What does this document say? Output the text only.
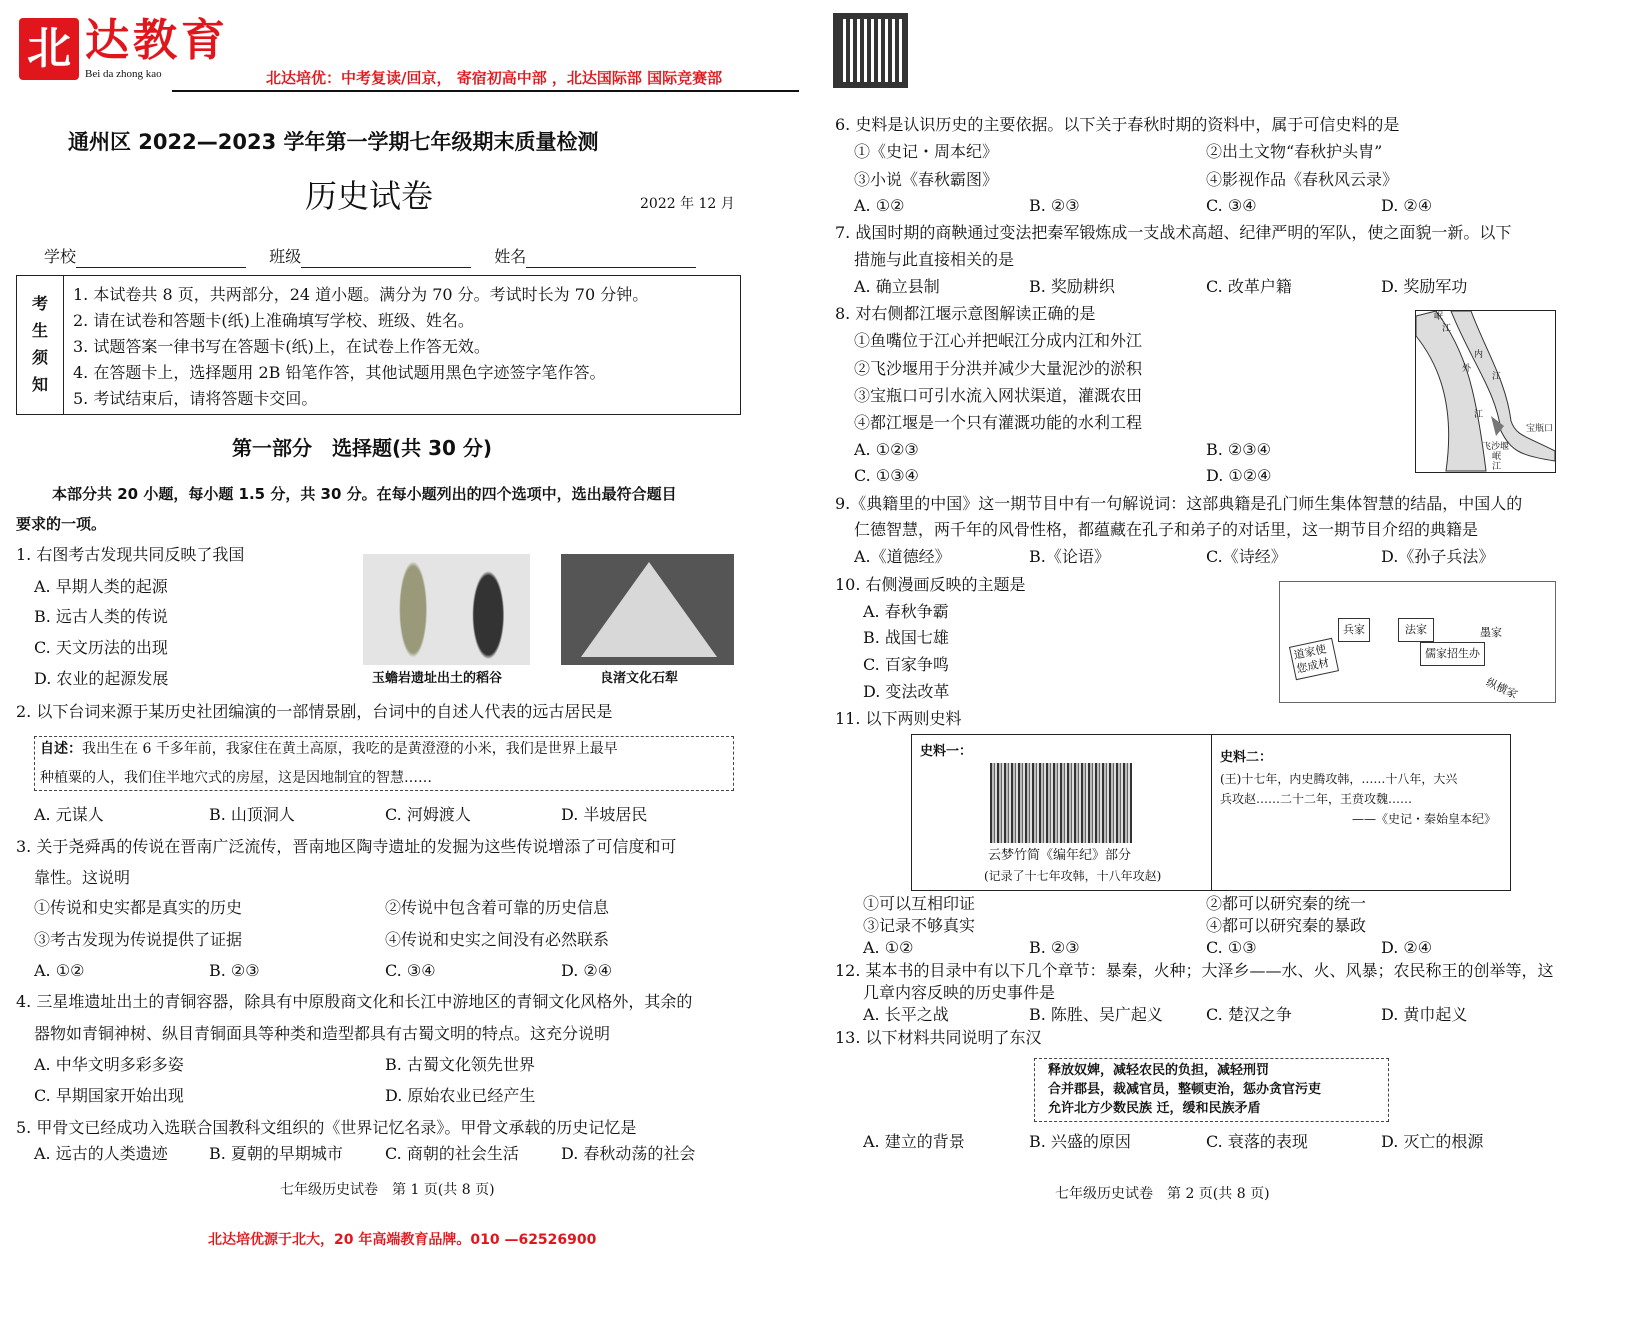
北 达教育
Bei da zhong kao	北达培优：中考复读/回京， 寄宿初高中部 ，北达国际部 国际竞赛部
通州区 2022—2023 学年第一学期七年级期末质量检测
历史试卷	2022 年 12 月
学校	班级	姓名
考
生
须
知
1. 本试卷共 8 页，共两部分，24 道小题。满分为 70 分。考试时长为 70 分钟。
2. 请在试卷和答题卡(纸)上准确填写学校、班级、姓名。
3. 试题答案一律书写在答题卡(纸)上，在试卷上作答无效。
4. 在答题卡上，选择题用 2B 铅笔作答，其他试题用黑色字迹签字笔作答。
5. 考试结束后，请将答题卡交回。
第一部分　选择题(共 30 分)
本部分共 20 小题，每小题 1.5 分，共 30 分。在每小题列出的四个选项中，选出最符合题目
要求的一项。
1. 右图考古发现共同反映了我国
A. 早期人类的起源
B. 远古人类的传说
C. 天文历法的出现
D. 农业的起源发展	玉蟾岩遗址出土的稻谷	良渚文化石犁
2. 以下台词来源于某历史社团编演的一部情景剧，台词中的自述人代表的远古居民是
自述：我出生在 6 千多年前，我家住在黄土高原，我吃的是黄澄澄的小米，我们是世界上最早
种植粟的人，我们住半地穴式的房屋，这是因地制宜的智慧……
A. 元谋人	B. 山顶洞人	C. 河姆渡人	D. 半坡居民
3. 关于尧舜禹的传说在晋南广泛流传，晋南地区陶寺遗址的发掘为这些传说增添了可信度和可
靠性。这说明
①传说和史实都是真实的历史	②传说中包含着可靠的历史信息
③考古发现为传说提供了证据	④传说和史实之间没有必然联系
A. ①②	B. ②③	C. ③④	D. ②④
4. 三星堆遗址出土的青铜容器，除具有中原殷商文化和长江中游地区的青铜文化风格外，其余的
器物如青铜神树、纵目青铜面具等种类和造型都具有古蜀文明的特点。这充分说明
A. 中华文明多彩多姿	B. 古蜀文化领先世界
C. 早期国家开始出现	D. 原始农业已经产生
5. 甲骨文已经成功入选联合国教科文组织的《世界记忆名录》。甲骨文承载的历史记忆是
A. 远古的人类遗迹	B. 夏朝的早期城市	C. 商朝的社会生活	D. 春秋动荡的社会
七年级历史试卷　第 1 页(共 8 页)
北达培优源于北大，20 年高端教育品牌。010 —62526900
6. 史料是认识历史的主要依据。以下关于春秋时期的资料中，属于可信史料的是
①《史记・周本纪》	②出土文物“春秋护头胄”
③小说《春秋霸图》	④影视作品《春秋风云录》
A. ①②	B. ②③	C. ③④	D. ②④
7. 战国时期的商鞅通过变法把秦军锻炼成一支战术高超、纪律严明的军队，使之面貌一新。以下
措施与此直接相关的是
A. 确立县制	B. 奖励耕织	C. 改革户籍	D. 奖励军功
8. 对右侧都江堰示意图解读正确的是
①鱼嘴位于江心并把岷江分成内江和外江
②飞沙堰用于分洪并减少大量泥沙的淤积
③宝瓶口可引水流入网状渠道，灌溉农田
④都江堰是一个只有灌溉功能的水利工程
A. ①②③	B. ②③④
C. ①③④	D. ①②④
岷
江
内
江
外
江
宝瓶口
飞沙堰
岷
江
9.《典籍里的中国》这一期节目中有一句解说词：这部典籍是孔门师生集体智慧的结晶，中国人的
仁德智慧，两千年的风骨性格，都蕴藏在孔子和弟子的对话里，这一期节目介绍的典籍是
A.《道德经》	B.《论语》	C.《诗经》	D.《孙子兵法》
10. 右侧漫画反映的主题是
A. 春秋争霸
B. 战国七雄
C. 百家争鸣
D. 变法改革
道家使您成材
兵家	法家
儒家招生办
墨家
纵横家
11. 以下两则史料
史料一：
云梦竹简《编年纪》部分
(记录了十七年攻韩，十八年攻赵)
史料二：
(王)十七年，内史腾攻韩，……十八年，大兴
兵攻赵……二十二年，王贲攻魏……
——《史记・秦始皇本纪》
①可以互相印证	②都可以研究秦的统一
③记录不够真实	④都可以研究秦的暴政
A. ①②	B. ②③	C. ①③	D. ②④
12. 某本书的目录中有以下几个章节：暴秦，火种；大泽乡——水、火、风暴；农民称王的创举等，这
几章内容反映的历史事件是
A. 长平之战	B. 陈胜、吴广起义	C. 楚汉之争	D. 黄巾起义
13. 以下材料共同说明了东汉
释放奴婢，减轻农民的负担，减轻刑罚
合并郡县，裁减官员，整顿吏治，惩办贪官污吏
允许北方少数民族 迁，缓和民族矛盾
A. 建立的背景	B. 兴盛的原因	C. 衰落的表现	D. 灭亡的根源
七年级历史试卷　第 2 页(共 8 页)
